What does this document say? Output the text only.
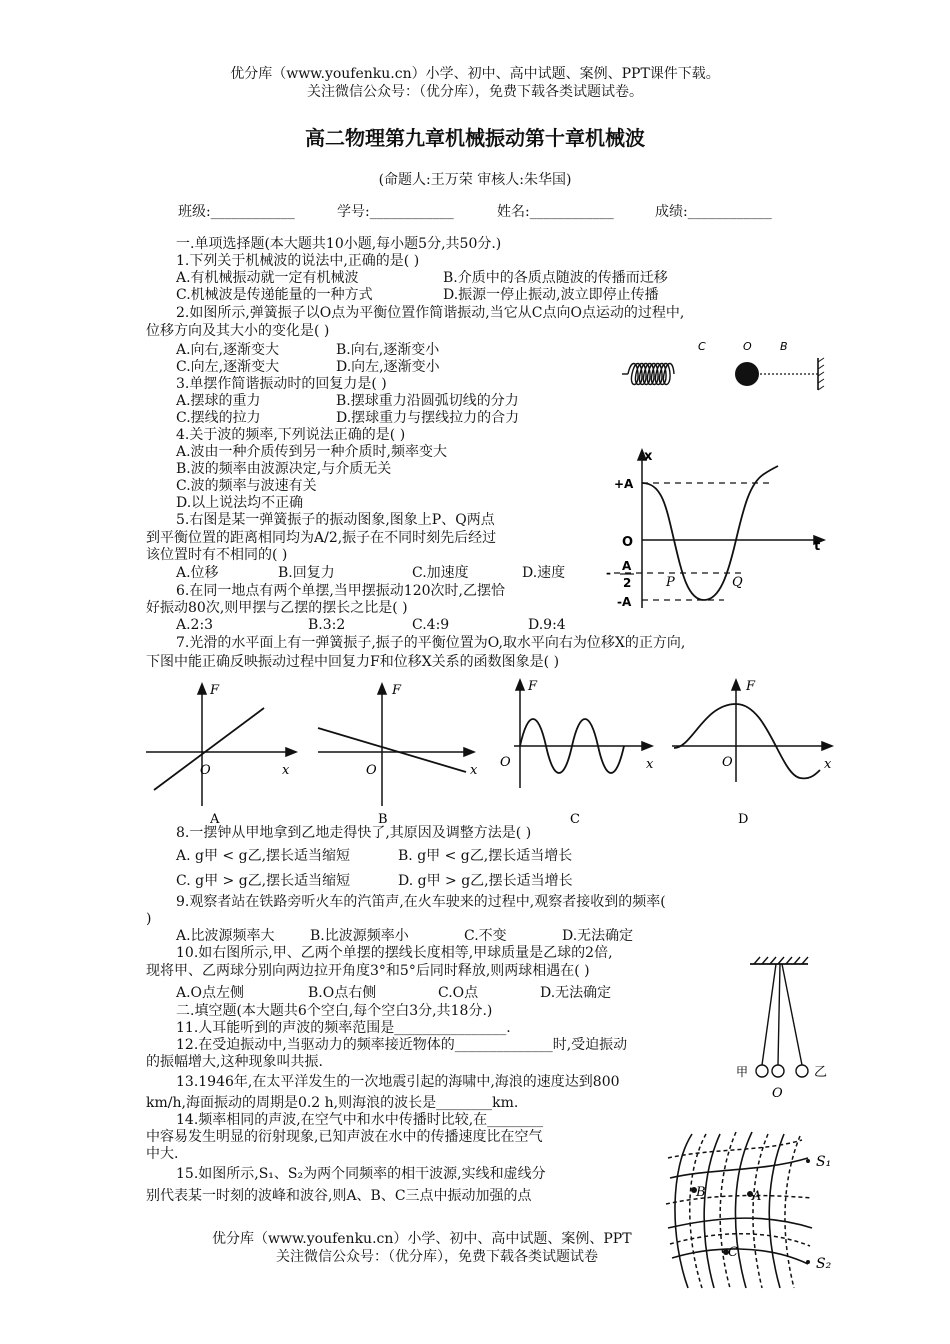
优分库（www.youfenku.cn）小学、初中、高中试题、案例、PPT课件下载。
关注微信公众号：（优分库），免费下载各类试题试卷。
高二物理第九章机械振动第十章机械波
(命题人:王万荣 审核人:朱华国)
班级:____________	学号:____________	姓名:____________	成绩:____________
一.单项选择题(本大题共10小题,每小题5分,共50分.)
1.下列关于机械波的说法中,正确的是( )
A.有机械振动就一定有机械波	B.介质中的各质点随波的传播而迁移
C.机械波是传递能量的一种方式	D.振源一停止振动,波立即停止传播
2.如图所示,弹簧振子以O点为平衡位置作简谐振动,当它从C点向O点运动的过程中,
位移方向及其大小的变化是( )
A.向右,逐渐变大	B.向右,逐渐变小
C.向左,逐渐变大	D.向左,逐渐变小
C	O	B
3.单摆作简谐振动时的回复力是( )
A.摆球的重力	B.摆球重力沿圆弧切线的分力
C.摆线的拉力	D.摆球重力与摆线拉力的合力
4.关于波的频率,下列说法正确的是( )
A.波由一种介质传到另一种介质时,频率变大
B.波的频率由波源决定,与介质无关
C.波的频率与波速有关
D.以上说法均不正确
5.右图是某一弹簧振子的振动图象,图象上P、Q两点
到平衡位置的距离相同均为A/2,振子在不同时刻先后经过
该位置时有不相同的( )
A.位移	B.回复力	C.加速度	D.速度
x
t
O
+A
-A
- A
2	P	Q
6.在同一地点有两个单摆,当甲摆振动120次时,乙摆恰
好振动80次,则甲摆与乙摆的摆长之比是( )
A.2:3	B.3:2	C.4:9	D.9:4
7.光滑的水平面上有一弹簧振子,振子的平衡位置为O,取水平向右为位移X的正方向,
下图中能正确反映振动过程中回复力F和位移X关系的函数图象是( )
F
x
O
A
F
x
O
B
F
x
O
C
F
x
O
D
8.一摆钟从甲地拿到乙地走得快了,其原因及调整方法是( )
A. g甲 < g乙,摆长适当缩短	B. g甲 < g乙,摆长适当增长
C. g甲 > g乙,摆长适当缩短	D. g甲 > g乙,摆长适当增长
9.观察者站在铁路旁听火车的汽笛声,在火车驶来的过程中,观察者接收到的频率(
)
A.比波源频率大	B.比波源频率小	C.不变	D.无法确定
10.如右图所示,甲、乙两个单摆的摆线长度相等,甲球质量是乙球的2倍,
现将甲、乙两球分别向两边拉开角度3°和5°后同时释放,则两球相遇在( )
A.O点左侧	B.O点右侧	C.O点	D.无法确定
甲	乙
O
二.填空题(本大题共6个空白,每个空白3分,共18分.)
11.人耳能听到的声波的频率范围是________________.
12.在受迫振动中,当驱动力的频率接近物体的______________时,受迫振动
的振幅增大,这种现象叫共振.
13.1946年,在太平洋发生的一次地震引起的海啸中,海浪的速度达到800
km/h,海面振动的周期是0.2 h,则海浪的波长是________km.
14.频率相同的声波,在空气中和水中传播时比较,在________
中容易发生明显的衍射现象,已知声波在水中的传播速度比在空气
中大.
15.如图所示,S₁、S₂为两个同频率的相干波源,实线和虚线分
别代表某一时刻的波峰和波谷,则A、B、C三点中振动加强的点	B	A
C
S₁
S₂
优分库（www.youfenku.cn）小学、初中、高中试题、案例、PPT
关注微信公众号：（优分库），免费下载各类试题试卷
